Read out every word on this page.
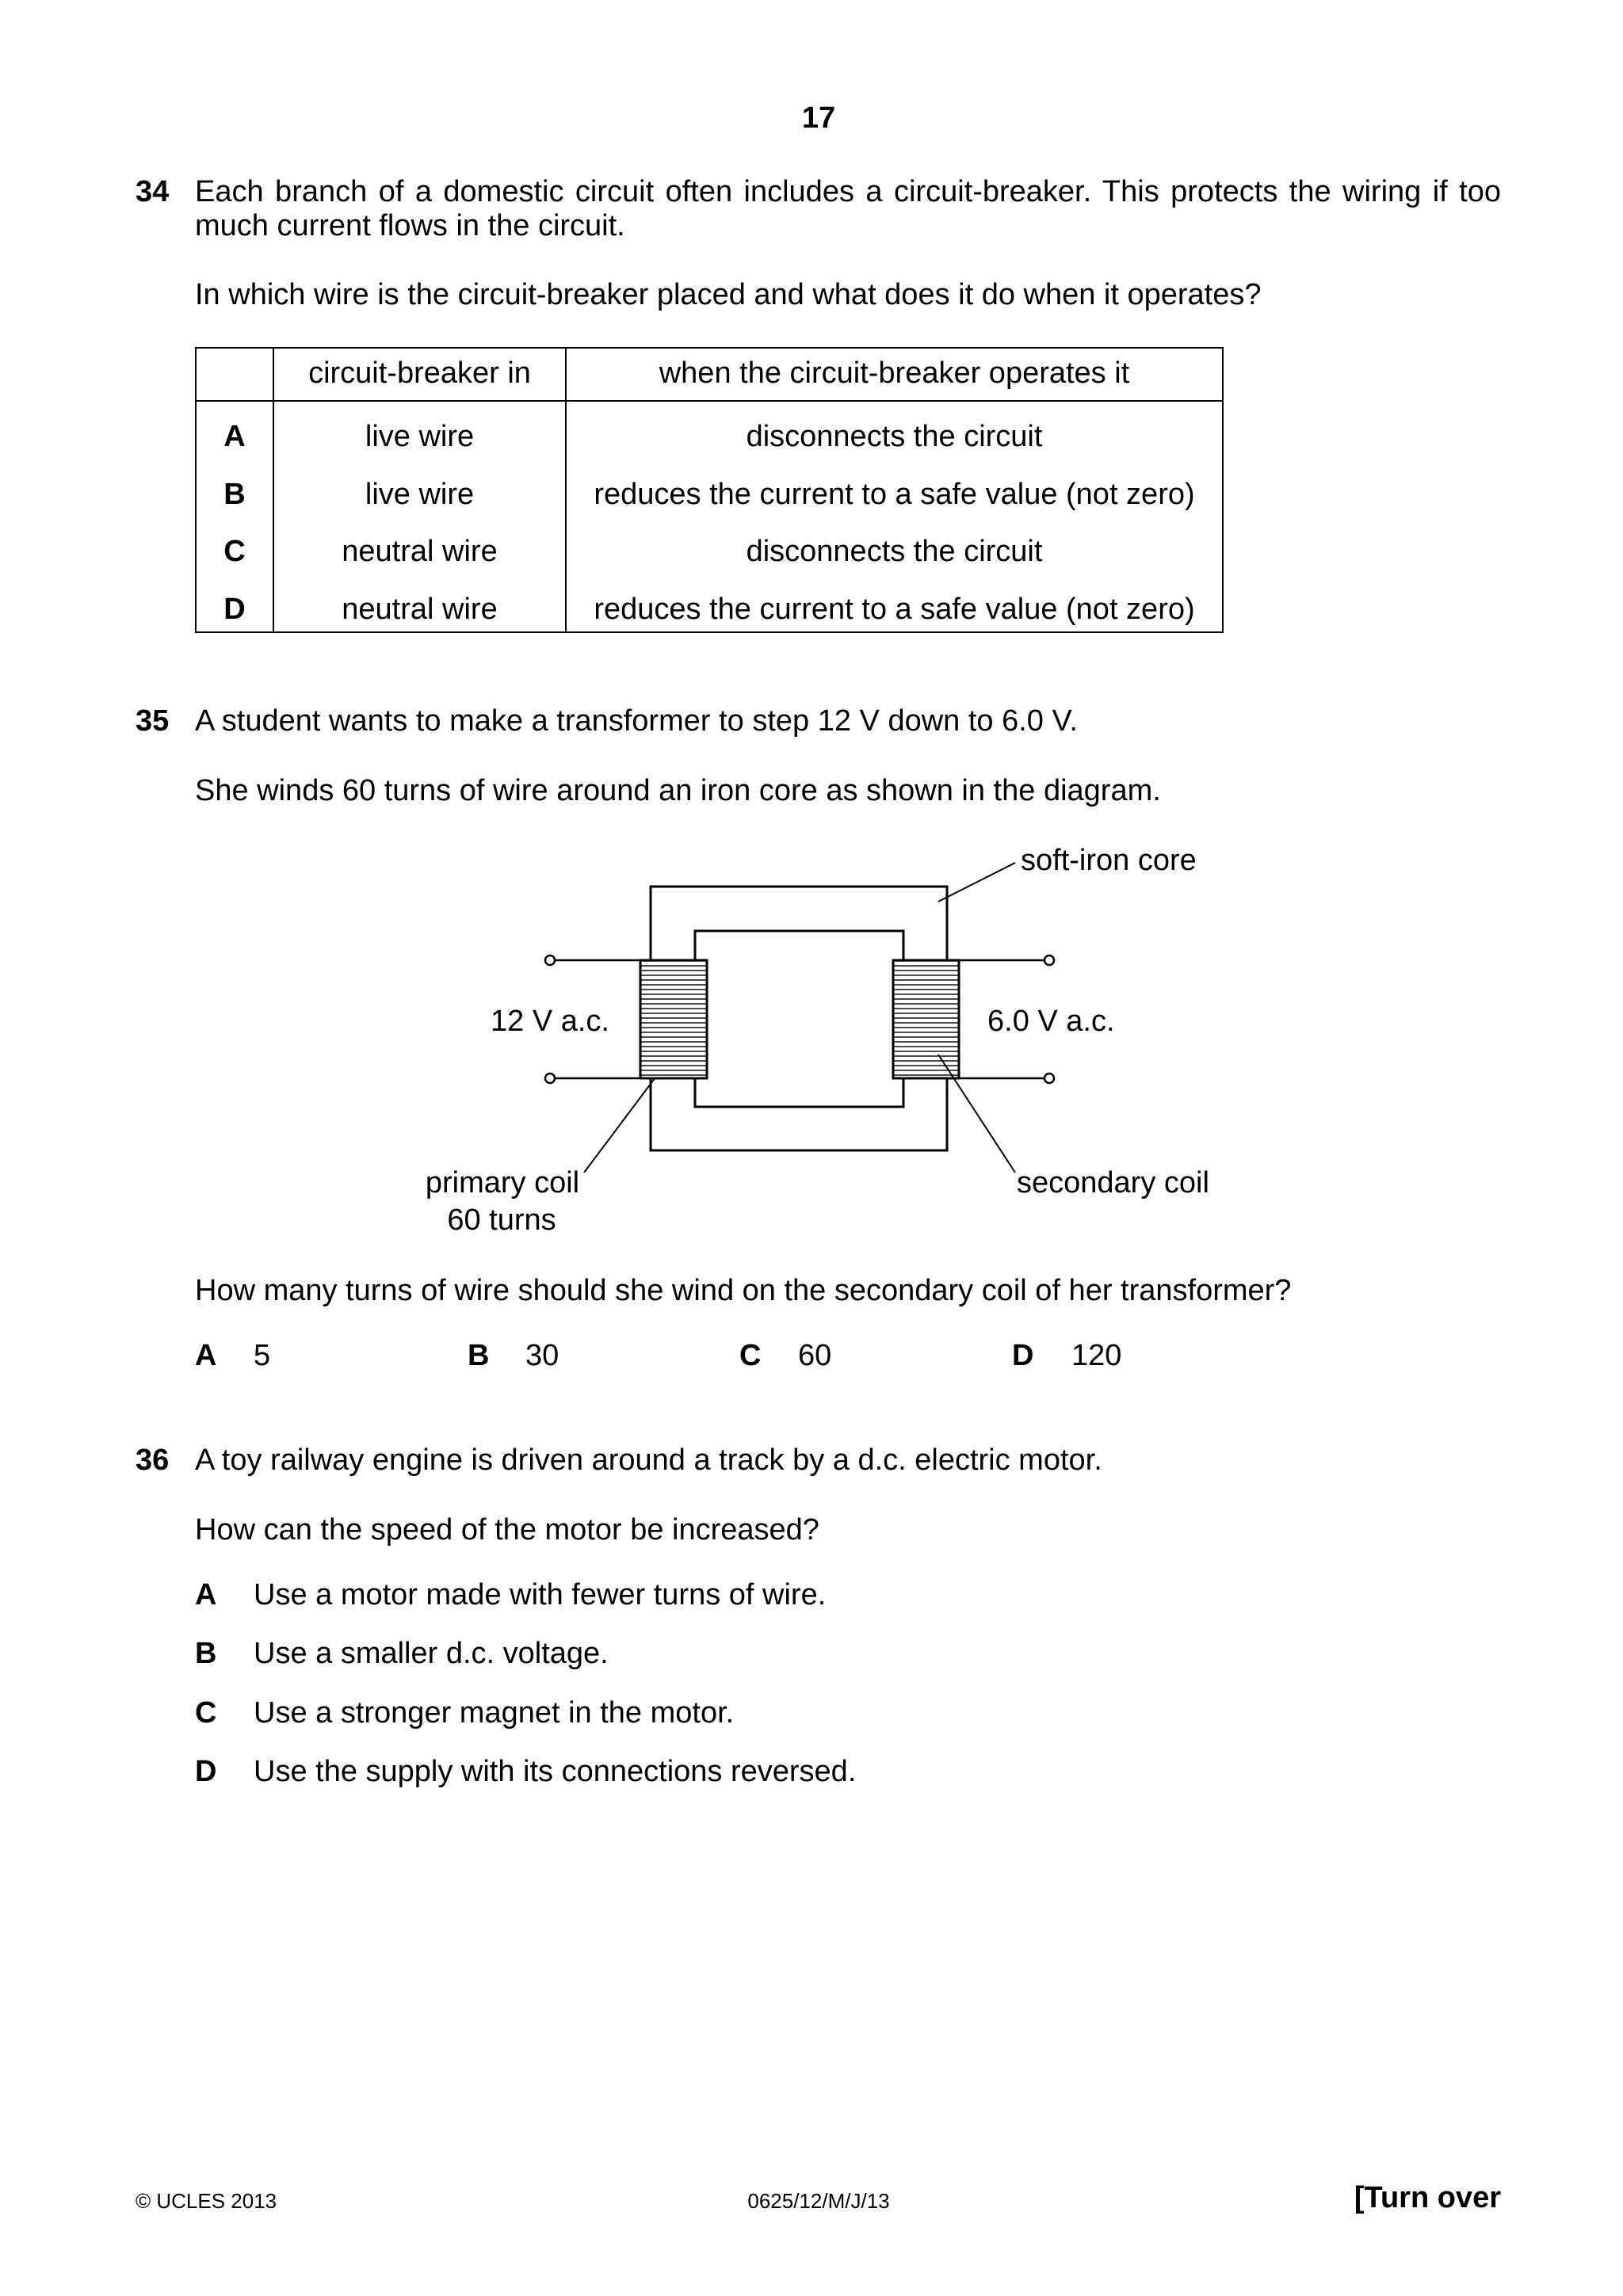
17
34 Each branch of a domestic circuit often includes a circuit-breaker. This protects the wiring if too
much current flows in the circuit.
In which wire is the circuit-breaker placed and what does it do when it operates?
circuit-breaker in	when the circuit-breaker operates it
A	live wire	disconnects the circuit
B	live wire	reduces the current to a safe value (not zero)
C	neutral wire	disconnects the circuit
D	neutral wire	reduces the current to a safe value (not zero)
35 A student wants to make a transformer to step 12 V down to 6.0 V.
She winds 60 turns of wire around an iron core as shown in the diagram.
soft-iron core
12 V a.c.	6.0 V a.c.
primary coil
60 turns
secondary coil
How many turns of wire should she wind on the secondary coil of her transformer?
A 5	B 30	C 60	D 120
36 A toy railway engine is driven around a track by a d.c. electric motor.
How can the speed of the motor be increased?
A Use a motor made with fewer turns of wire.
B Use a smaller d.c. voltage.
C Use a stronger magnet in the motor.
D Use the supply with its connections reversed.
© UCLES 2013	0625/12/M/J/13	[Turn over
